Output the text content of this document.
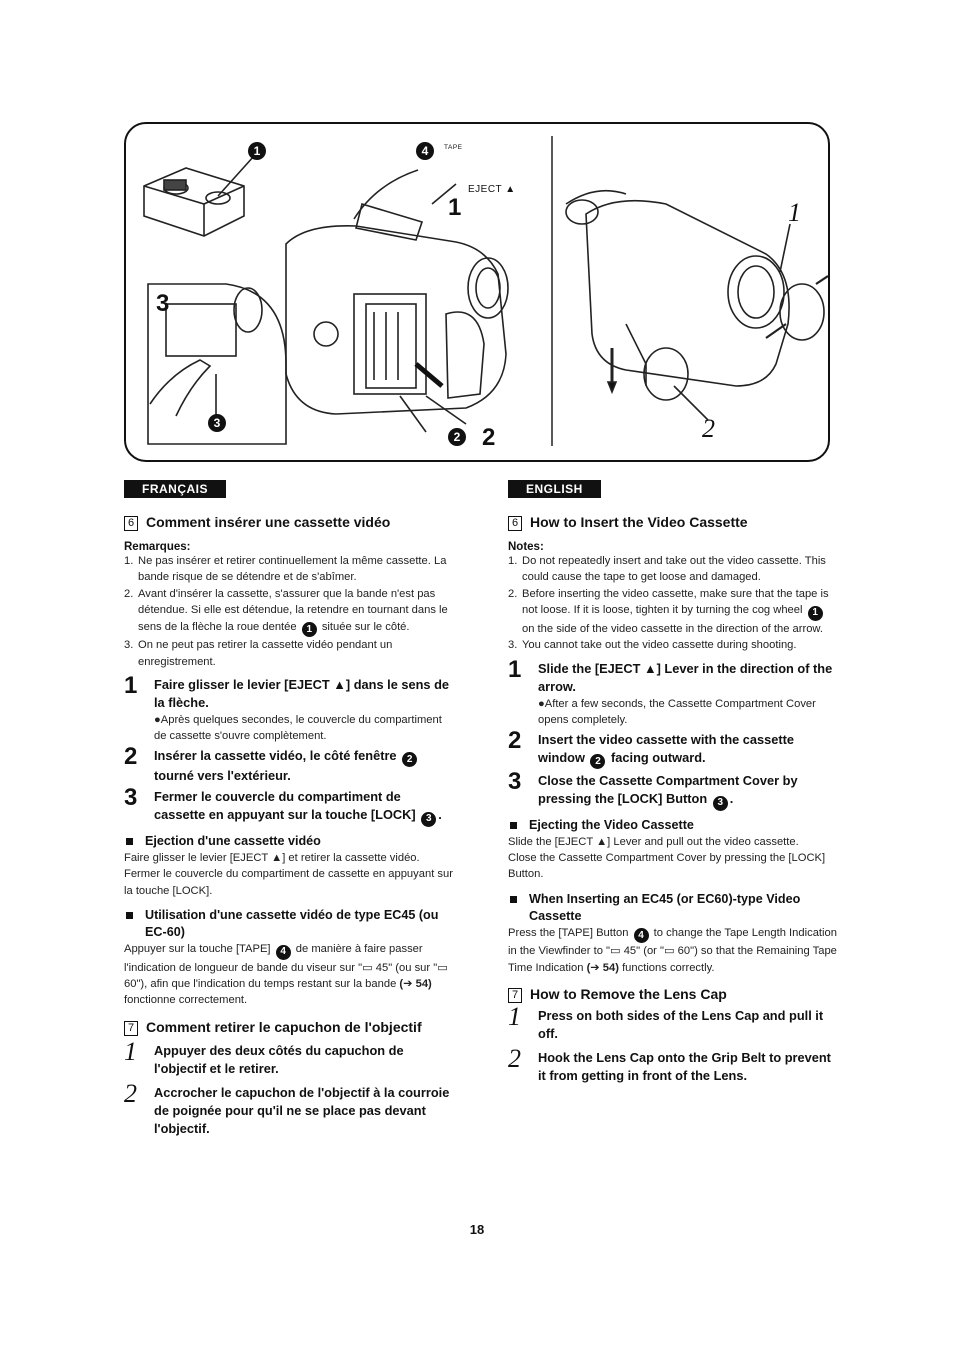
TAPE
EJECT ▲
1
2
3
1
2
1
2
3
4
FRANÇAIS
6 Comment insérer une cassette vidéo
Remarques:
1. Ne pas insérer et retirer continuellement la même cassette. La bande risque de se détendre et de s'abîmer.
2. Avant d'insérer la cassette, s'assurer que la bande n'est pas détendue. Si elle est détendue, la retendre en tournant dans le sens de la flèche la roue dentée 1 située sur le côté.
3. On ne peut pas retirer la cassette vidéo pendant un enregistrement.
1	Faire glisser le levier [EJECT ▲] dans le sens de la flèche.
●Après quelques secondes, le couvercle du compartiment de cassette s'ouvre complètement.
2	Insérer la cassette vidéo, le côté fenêtre 2 tourné vers l'extérieur.
3	Fermer le couvercle du compartiment de cassette en appuyant sur la touche [LOCK] 3 .
Ejection d'une cassette vidéo
Faire glisser le levier [EJECT ▲] et retirer la cassette vidéo. Fermer le couvercle du compartiment de cassette en appuyant sur la touche [LOCK].
Utilisation d'une cassette vidéo de type EC45 (ou EC-60)
Appuyer sur la touche [TAPE] 4 de manière à faire passer l'indication de longueur de bande du viseur sur "▭ 45" (ou sur "▭ 60"), afin que l'indication du temps restant sur la bande (➔ 54) fonctionne correctement.
7 Comment retirer le capuchon de l'objectif
1	Appuyer des deux côtés du capuchon de l'objectif et le retirer.
2	Accrocher le capuchon de l'objectif à la courroie de poignée pour qu'il ne se place pas devant l'objectif.
ENGLISH
6 How to Insert the Video Cassette
Notes:
1. Do not repeatedly insert and take out the video cassette. This could cause the tape to get loose and damaged.
2. Before inserting the video cassette, make sure that the tape is not loose. If it is loose, tighten it by turning the cog wheel 1 on the side of the video cassette in the direction of the arrow.
3. You cannot take out the video cassette during shooting.
1	Slide the [EJECT ▲] Lever in the direction of the arrow.
●After a few seconds, the Cassette Compartment Cover opens completely.
2	Insert the video cassette with the cassette window 2 facing outward.
3	Close the Cassette Compartment Cover by pressing the [LOCK] Button 3 .
Ejecting the Video Cassette
Slide the [EJECT ▲] Lever and pull out the video cassette.
Close the Cassette Compartment Cover by pressing the [LOCK] Button.
When Inserting an EC45 (or EC60)-type Video Cassette
Press the [TAPE] Button 4 to change the Tape Length Indication in the Viewfinder to "▭ 45" (or "▭ 60") so that the Remaining Tape Time Indication (➔ 54) functions correctly.
7 How to Remove the Lens Cap
1	Press on both sides of the Lens Cap and pull it off.
2	Hook the Lens Cap onto the Grip Belt to prevent it from getting in front of the Lens.
18
